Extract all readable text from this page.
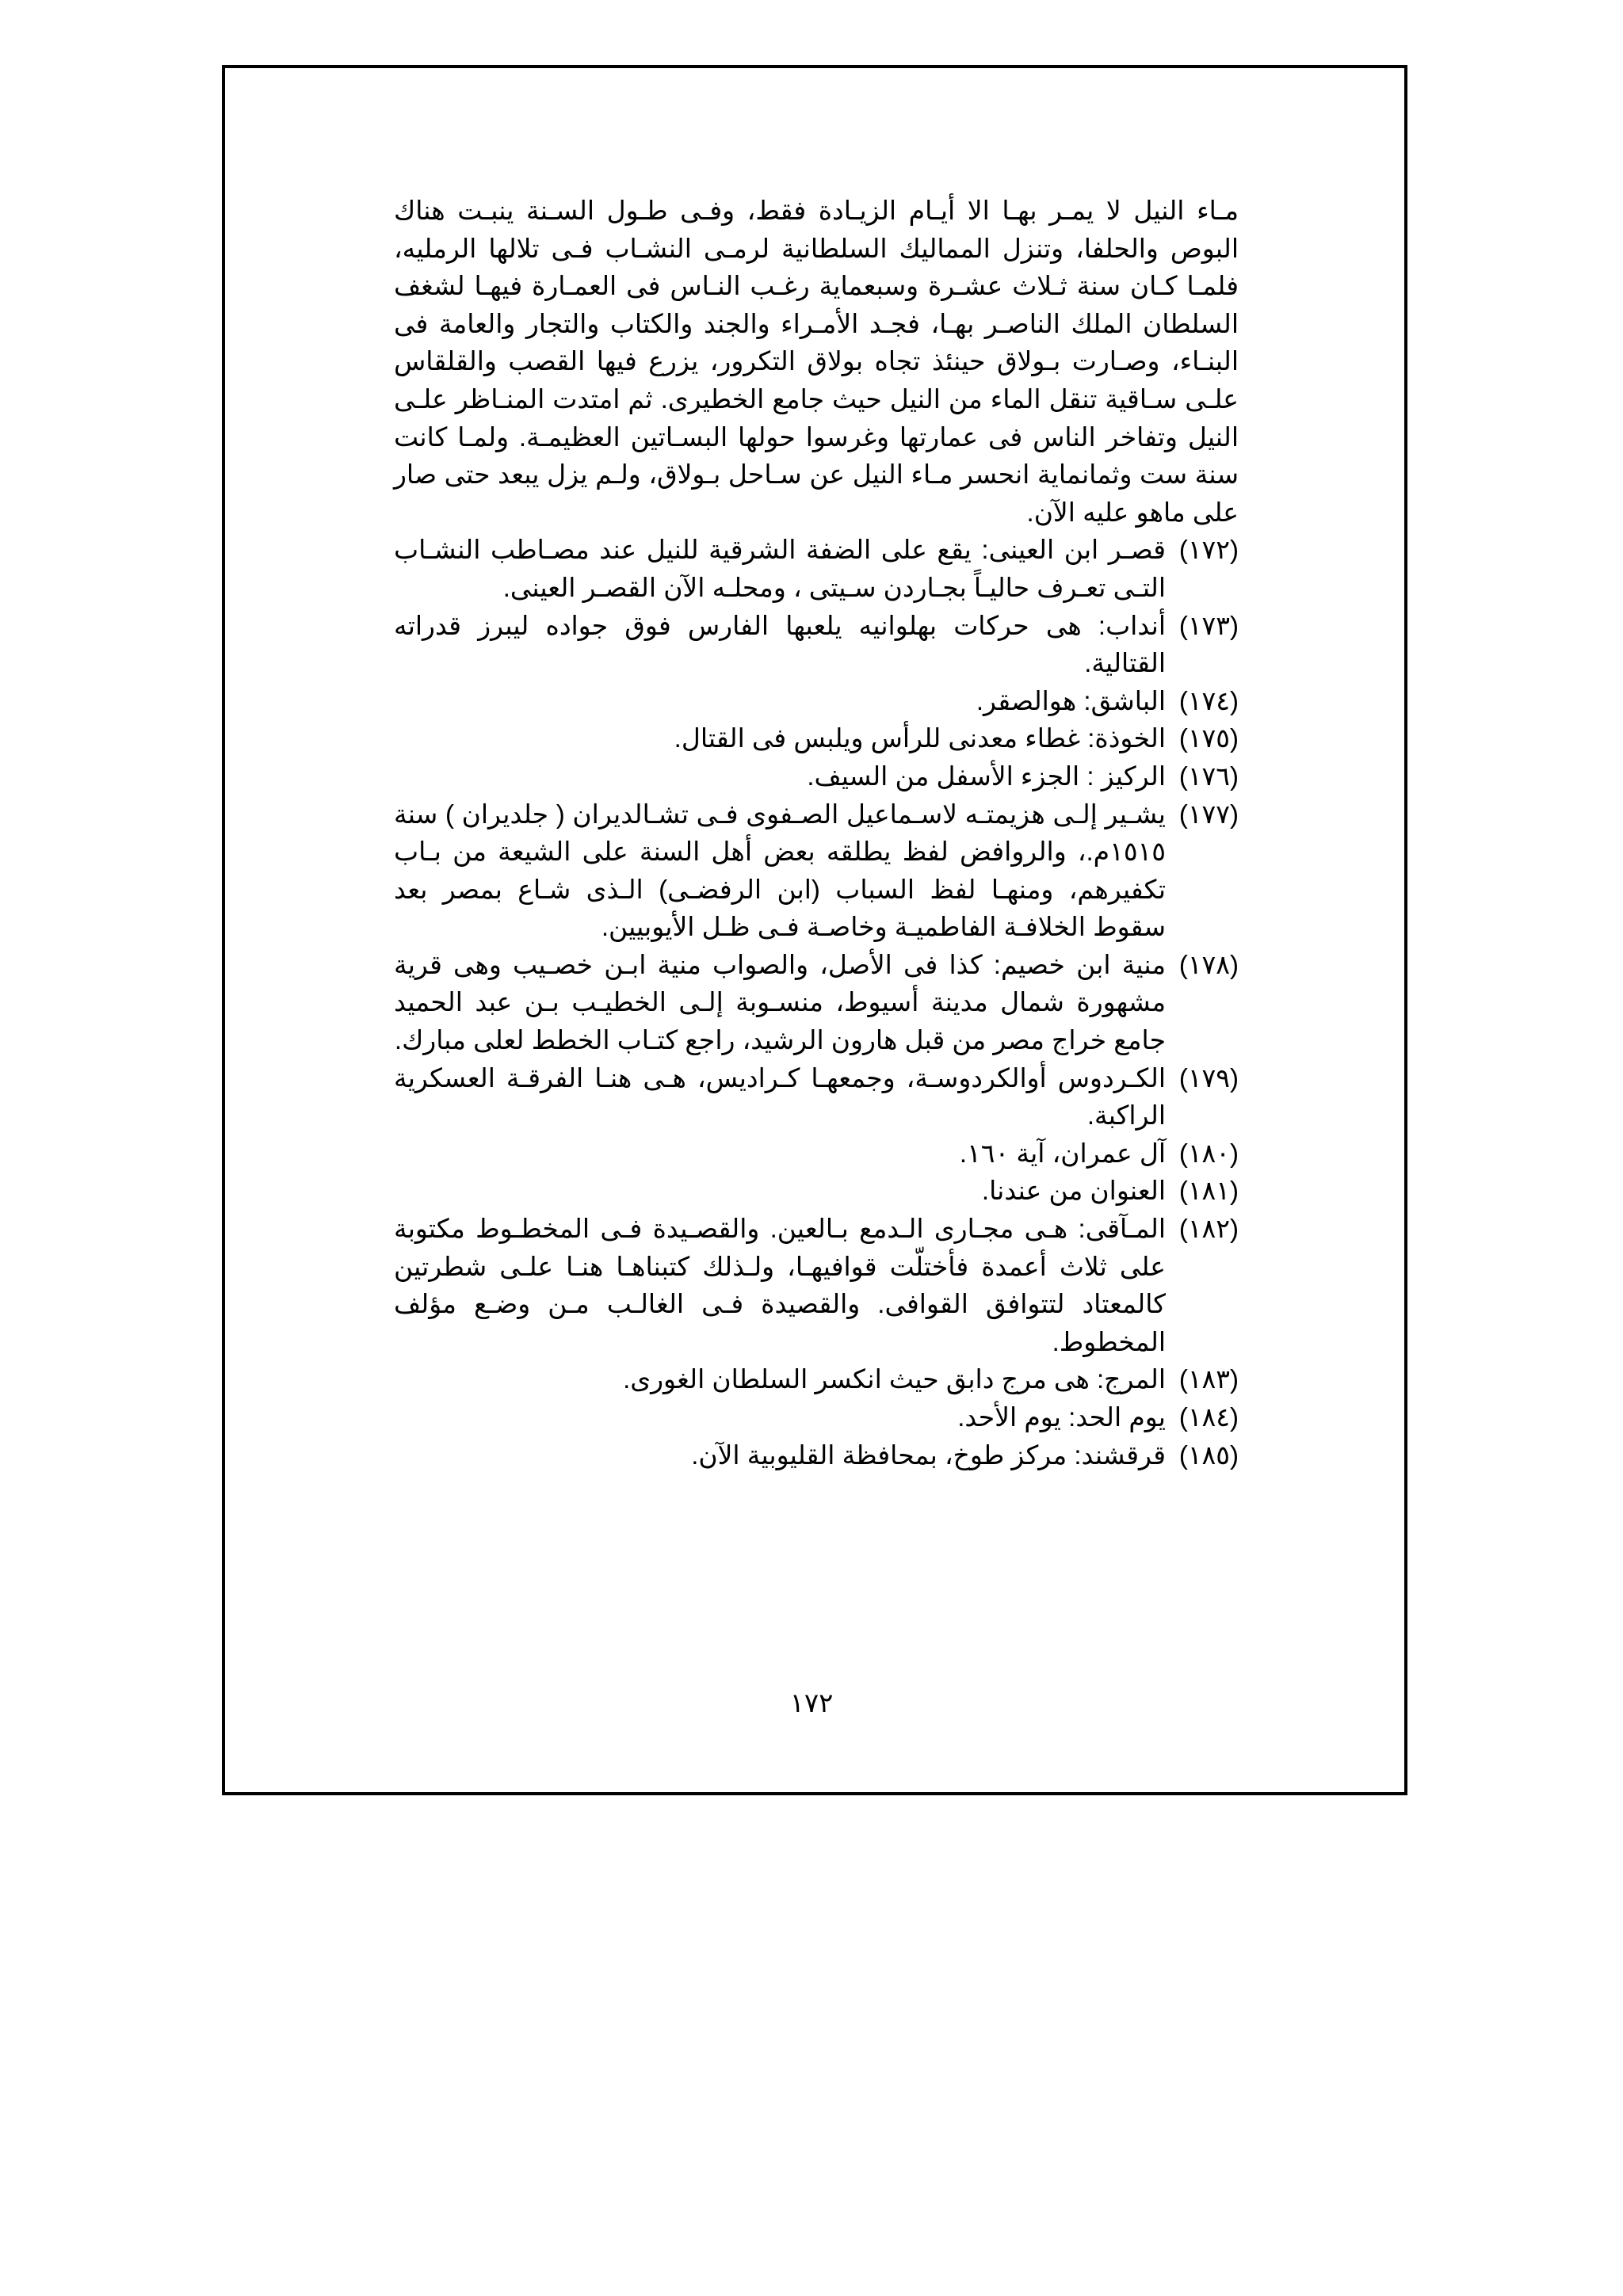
مـاء النيل لا يمـر بهـا الا أيـام الزيـادة فقط، وفـى طـول السـنة ينبـت هناك البوص والحلفا، وتنزل المماليك السلطانية لرمـى النشـاب فـى تلالها الرمليه، فلمـا كـان سنة ثـلاث عشـرة وسبعماية رغـب النـاس فى العمـارة فيهـا لشغف السلطان الملك الناصـر بهـا، فجـد الأمـراء والجند والكتاب والتجار والعامة فى البنـاء، وصـارت بـولاق حينئذ تجاه بولاق التكرور، يزرع فيها القصب والقلقاس علـى سـاقية تنقل الماء من النيل حيث جامع الخطيرى. ثم امتدت المنـاظر علـى النيل وتفاخر الناس فى عمارتها وغرسوا حولها البسـاتين العظيمـة. ولمـا كانت سنة ست وثمانماية انحسر مـاء النيل عن سـاحل بـولاق، ولـم يزل يبعد حتى صار على ماهو عليه الآن.

(١٧٢)
قصـر ابن العينى: يقع على الضفة الشرقية للنيل عند مصـاطب النشـاب التـى تعـرف حاليـاً بجـاردن سـيتى ، ومحلـه الآن القصـر العينى.
(١٧٣)
أنداب: هى حركات بهلوانيه يلعبها الفارس فوق جواده ليبرز قدراته القتالية.
(١٧٤)
الباشق: هوالصقر.
(١٧٥)
الخوذة: غطاء معدنى للرأس ويلبس فى القتال.
(١٧٦)
الركيز : الجزء الأسفل من السيف.
(١٧٧)
يشـير إلـى هزيمتـه لاسـماعيل الصـفوى فـى تشـالديران ( جلديران ) سنة ١٥١٥م.، والروافض لفظ يطلقه بعض أهل السنة على الشيعة من بـاب تكفيرهم، ومنهـا لفظ السباب (ابن الرفضـى) الـذى شـاع بمصر بعد سقوط الخلافـة الفاطميـة وخاصـة فـى ظـل الأيوبيين.
(١٧٨)
منية ابن خصيم: كذا فى الأصل، والصواب منية ابـن خصـيب وهى قرية مشهورة شمال مدينة أسيوط، منسـوبة إلـى الخطيـب بـن عبد الحميد جامع خراج مصر من قبل هارون الرشيد، راجع كتـاب الخطط لعلى مبارك.
(١٧٩)
الكـردوس أوالكردوسـة، وجمعهـا كـراديس، هـى هنـا الفرقـة العسكرية الراكبة.
(١٨٠)
آل عمران، آية ١٦٠.
(١٨١)
العنوان من عندنا.
(١٨٢)
المـآقى: هـى مجـارى الـدمع بـالعين. والقصـيدة فـى المخطـوط مكتوبة على ثلاث أعمدة فأختلّت قوافيهـا، ولـذلك كتبناهـا هنـا علـى شطرتين كالمعتاد لتتوافق القوافى. والقصيدة فـى الغالـب مـن وضـع مؤلف المخطوط.
(١٨٣)
المرج: هى مرج دابق حيث انكسر السلطان الغورى.
(١٨٤)
يوم الحد: يوم الأحد.
(١٨٥)
قرقشند: مركز طوخ، بمحافظة القليوبية الآن.
١٧٢
